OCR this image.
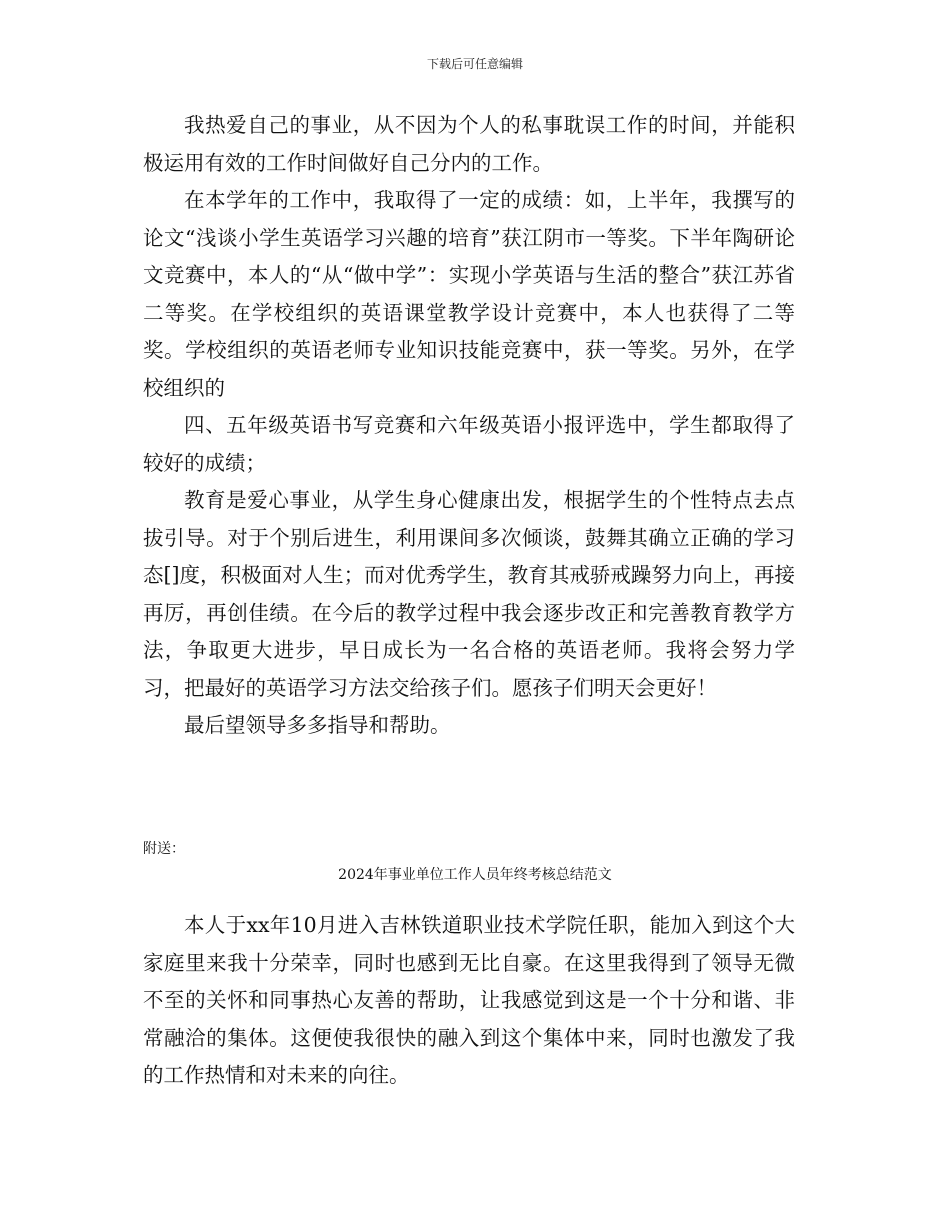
下载后可任意编辑

我热爱自己的事业，从不因为个人的私事耽误工作的时间，并能积极运用有效的工作时间做好自己分内的工作。

在本学年的工作中，我取得了一定的成绩：如，上半年，我撰写的论文“浅谈小学生英语学习兴趣的培育”获江阴市一等奖。下半年陶研论文竞赛中，本人的“从“做中学”：实现小学英语与生活的整合”获江苏省二等奖。在学校组织的英语课堂教学设计竞赛中，本人也获得了二等奖。学校组织的英语老师专业知识技能竞赛中，获一等奖。另外，在学校组织的

四、五年级英语书写竞赛和六年级英语小报评选中，学生都取得了较好的成绩；

教育是爱心事业，从学生身心健康出发，根据学生的个性特点去点拔引导。对于个别后进生，利用课间多次倾谈，鼓舞其确立正确的学习态[]度，积极面对人生；而对优秀学生，教育其戒骄戒躁努力向上，再接再厉，再创佳绩。在今后的教学过程中我会逐步改正和完善教育教学方法，争取更大进步，早日成长为一名合格的英语老师。我将会努力学习，把最好的英语学习方法交给孩子们。愿孩子们明天会更好！

最后望领导多多指导和帮助。

附送：
2024年事业单位工作人员年终考核总结范文

本人于xx年10月进入吉林铁道职业技术学院任职，能加入到这个大家庭里来我十分荣幸，同时也感到无比自豪。在这里我得到了领导无微不至的关怀和同事热心友善的帮助，让我感觉到这是一个十分和谐、非常融洽的集体。这便使我很快的融入到这个集体中来，同时也激发了我的工作热情和对未来的向往。
